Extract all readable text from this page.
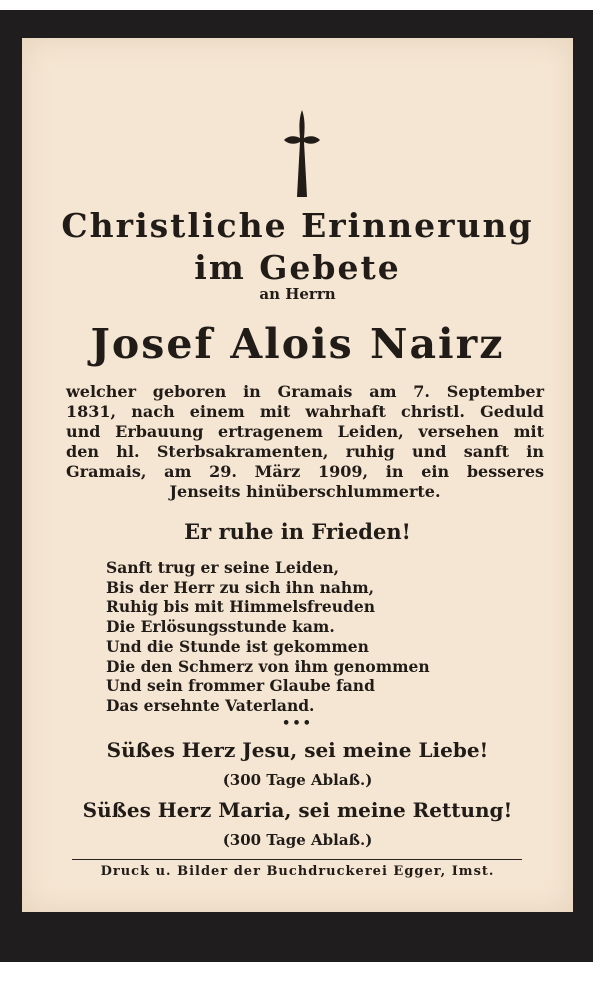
Christliche Erinnerung
im Gebete
an Herrn
Josef Alois Nairz
welcher geboren in Gramais am 7. September
1831, nach einem mit wahrhaft christl. Geduld
und Erbauung ertragenem Leiden, versehen mit
den hl. Sterbsakramenten, ruhig und sanft in
Gramais, am 29. März 1909, in ein besseres
Jenseits hinüberschlummerte.
Er ruhe in Frieden!
Sanft trug er seine Leiden,
Bis der Herr zu sich ihn nahm,
Ruhig bis mit Himmelsfreuden
Die Erlösungsstunde kam.
Und die Stunde ist gekommen
Die den Schmerz von ihm genommen
Und sein frommer Glaube fand
Das ersehnte Vaterland.
•••
Süßes Herz Jesu, sei meine Liebe!
(300 Tage Ablaß.)
Süßes Herz Maria, sei meine Rettung!
(300 Tage Ablaß.)
Druck u. Bilder der Buchdruckerei Egger, Imst.
